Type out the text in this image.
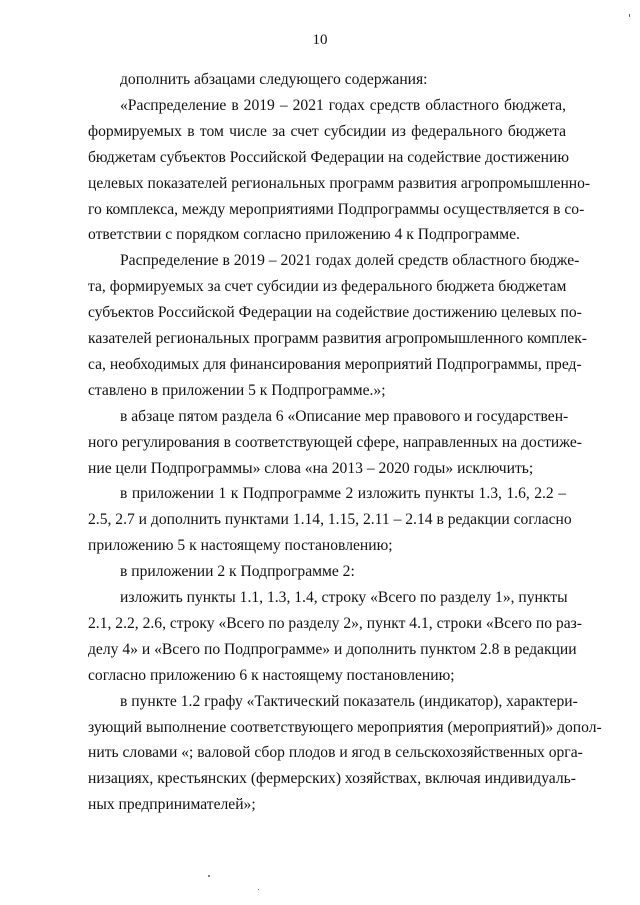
10
дополнить абзацами следующего содержания:
«Распределение в 2019 – 2021 годах средств областного бюджета,
формируемых в том числе за счет субсидии из федерального бюджета
бюджетам субъектов Российской Федерации на содействие достижению
целевых показателей региональных программ развития агропромышленно-
го комплекса, между мероприятиями Подпрограммы осуществляется в со-
ответствии с порядком согласно приложению 4 к Подпрограмме.
Распределение в 2019 – 2021 годах долей средств областного бюдже-
та, формируемых за счет субсидии из федерального бюджета бюджетам
субъектов Российской Федерации на содействие достижению целевых по-
казателей региональных программ развития агропромышленного комплек-
са, необходимых для финансирования мероприятий Подпрограммы, пред-
ставлено в приложении 5 к Подпрограмме.»;
в абзаце пятом раздела 6 «Описание мер правового и государствен-
ного регулирования в соответствующей сфере, направленных на достиже-
ние цели Подпрограммы» слова «на 2013 – 2020 годы» исключить;
в приложении 1 к Подпрограмме 2 изложить пункты 1.3, 1.6, 2.2 –
2.5, 2.7 и дополнить пунктами 1.14, 1.15, 2.11 – 2.14 в редакции согласно
приложению 5 к настоящему постановлению;
в приложении 2 к Подпрограмме 2:
изложить пункты 1.1, 1.3, 1.4, строку «Всего по разделу 1», пункты
2.1, 2.2, 2.6, строку «Всего по разделу 2», пункт 4.1, строки «Всего по раз-
делу 4» и «Всего по Подпрограмме» и дополнить пунктом 2.8 в редакции
согласно приложению 6 к настоящему постановлению;
в пункте 1.2 графу «Тактический показатель (индикатор), характери-
зующий выполнение соответствующего мероприятия (мероприятий)» допол-
нить словами «; валовой сбор плодов и ягод в сельскохозяйственных орга-
низациях, крестьянских (фермерских) хозяйствах, включая индивидуаль-
ных предпринимателей»;
